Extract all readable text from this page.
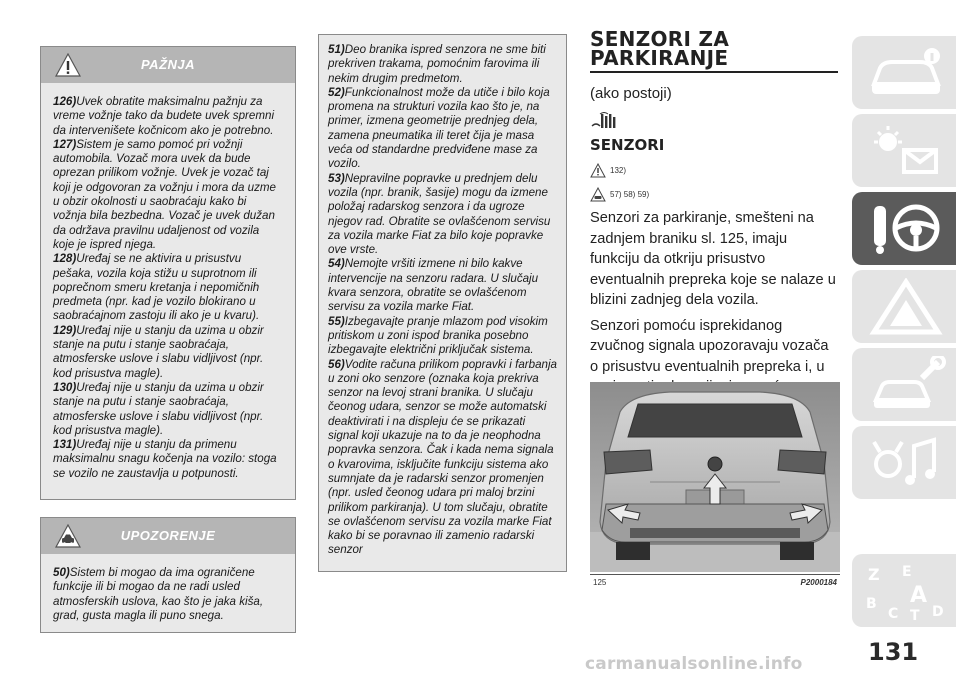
PAŽNJA

126)Uvek obratite maksimalnu pažnju za vreme vožnje tako da budete uvek spremni da intervenišete kočnicom ako je potrebno.

127)Sistem je samo pomoć pri vožnji automobila. Vozač mora uvek da bude oprezan prilikom vožnje. Uvek je vozač taj koji je odgovoran za vožnju i mora da uzme u obzir okolnosti u saobraćaju kako bi vožnja bila bezbedna. Vozač je uvek dužan da održava pravilnu udaljenost od vozila koje je ispred njega.

128)Uređaj se ne aktivira u prisustvu pešaka, vozila koja stižu u suprotnom ili poprečnom smeru kretanja i nepomičnih predmeta (npr. kad je vozilo blokirano u saobraćajnom zastoju ili ako je u kvaru).

129)Uređaj nije u stanju da uzima u obzir stanje na putu i stanje saobraćaja, atmosferske uslove i slabu vidljivost (npr. kod prisustva magle).

130)Uređaj nije u stanju da uzima u obzir stanje na putu i stanje saobraćaja, atmosferske uslove i slabu vidljivost (npr. kod prisustva magle).

131)Uređaj nije u stanju da primenu maksimalnu snagu kočenja na vozilo: stoga se vozilo ne zaustavlja u potpunosti.

UPOZORENJE

50)Sistem bi mogao da ima ograničene funkcije ili bi mogao da ne radi usled atmosferskih uslova, kao što je jaka kiša, grad, gusta magla ili puno snega.

51)Deo branika ispred senzora ne sme biti prekriven trakama, pomoćnim farovima ili nekim drugim predmetom.

52)Funkcionalnost može da utiče i bilo koja promena na strukturi vozila kao što je, na primer, izmena geometrije prednjeg dela, zamena pneumatika ili teret čija je masa veća od standardne predviđene mase za vozilo.

53)Nepravilne popravke u prednjem delu vozila (npr. branik, šasije) mogu da izmene položaj radarskog senzora i da ugroze njegov rad. Obratite se ovlašćenom servisu za vozila marke Fiat za bilo koje popravke ove vrste.

54)Nemojte vršiti izmene ni bilo kakve intervencije na senzoru radara. U slučaju kvara senzora, obratite se ovlašćenom servisu za vozila marke Fiat.

55)Izbegavajte pranje mlazom pod visokim pritiskom u zoni ispod branika posebno izbegavajte električni priključak sistema.

56)Vodite računa prilikom popravki i farbanja u zoni oko senzore (oznaka koja prekriva senzor na levoj strani branika. U slučaju čeonog udara, senzor se može automatski deaktivirati i na displeju će se prikazati signal koji ukazuje na to da je neophodna popravka senzora. Čak i kada nema signala o kvarovima, isključite funkciju sistema ako sumnjate da je radarski senzor promenjen (npr. usled čeonog udara pri maloj brzini prilikom parkiranja). U tom slučaju, obratite se ovlašćenom servisu za vozila marke Fiat kako bi se poravnao ili zamenio radarski senzor

SENZORI ZA
PARKIRANJE
(ako postoji)
SENZORI
132)
57) 58) 59)

Senzori za parkiranje, smešteni na zadnjem braniku sl. 125, imaju funkciju da otkriju prisustvo eventualnih prepreka koje se nalaze u blizini zadnjeg dela vozila.

Senzori pomoću isprekidanog zvučnog signala upozoravaju vozača o prisustvu eventualnih prepreka i, u

125	P2000184 Z E
B A
C T D
131
carmanualsonline.info
